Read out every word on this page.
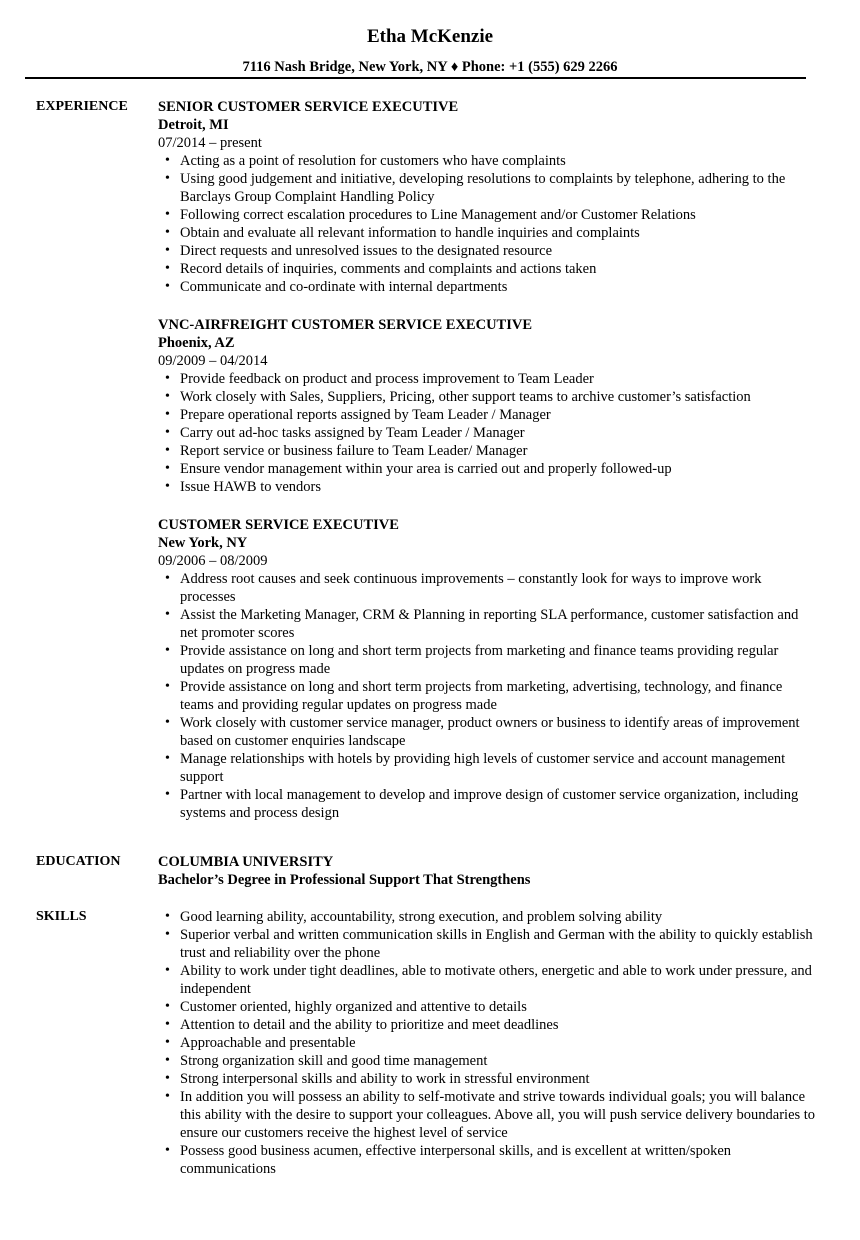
Etha McKenzie
7116 Nash Bridge, New York, NY ♦ Phone: +1 (555) 629 2266
EXPERIENCE SENIOR CUSTOMER SERVICE EXECUTIVE
Detroit, MI
07/2014 – present
• Acting as a point of resolution for customers who have complaints
• Using good judgement and initiative, developing resolutions to complaints by telephone, adhering to the Barclays Group Complaint Handling Policy
• Following correct escalation procedures to Line Management and/or Customer Relations
• Obtain and evaluate all relevant information to handle inquiries and complaints
• Direct requests and unresolved issues to the designated resource
• Record details of inquiries, comments and complaints and actions taken
• Communicate and co-ordinate with internal departments
VNC-AIRFREIGHT CUSTOMER SERVICE EXECUTIVE
Phoenix, AZ
09/2009 – 04/2014
• Provide feedback on product and process improvement to Team Leader
• Work closely with Sales, Suppliers, Pricing, other support teams to archive customer’s satisfaction
• Prepare operational reports assigned by Team Leader / Manager
• Carry out ad-hoc tasks assigned by Team Leader / Manager
• Report service or business failure to Team Leader/ Manager
• Ensure vendor management within your area is carried out and properly followed-up
• Issue HAWB to vendors
CUSTOMER SERVICE EXECUTIVE
New York, NY
09/2006 – 08/2009
• Address root causes and seek continuous improvements – constantly look for ways to improve work processes
• Assist the Marketing Manager, CRM & Planning in reporting SLA performance, customer satisfaction and net promoter scores
• Provide assistance on long and short term projects from marketing and finance teams providing regular updates on progress made
• Provide assistance on long and short term projects from marketing, advertising, technology, and finance teams and providing regular updates on progress made
• Work closely with customer service manager, product owners or business to identify areas of improvement based on customer enquiries landscape
• Manage relationships with hotels by providing high levels of customer service and account management support
• Partner with local management to develop and improve design of customer service organization, including systems and process design
EDUCATION	COLUMBIA UNIVERSITY
Bachelor’s Degree in Professional Support That Strengthens
SKILLS	• Good learning ability, accountability, strong execution, and problem solving ability
• Superior verbal and written communication skills in English and German with the ability to quickly establish trust and reliability over the phone
• Ability to work under tight deadlines, able to motivate others, energetic and able to work under pressure, and independent
• Customer oriented, highly organized and attentive to details
• Attention to detail and the ability to prioritize and meet deadlines
• Approachable and presentable
• Strong organization skill and good time management
• Strong interpersonal skills and ability to work in stressful environment
• In addition you will possess an ability to self-motivate and strive towards individual goals; you will balance this ability with the desire to support your colleagues. Above all, you will push service delivery boundaries to ensure our customers receive the highest level of service
• Possess good business acumen, effective interpersonal skills, and is excellent at written/spoken communications
